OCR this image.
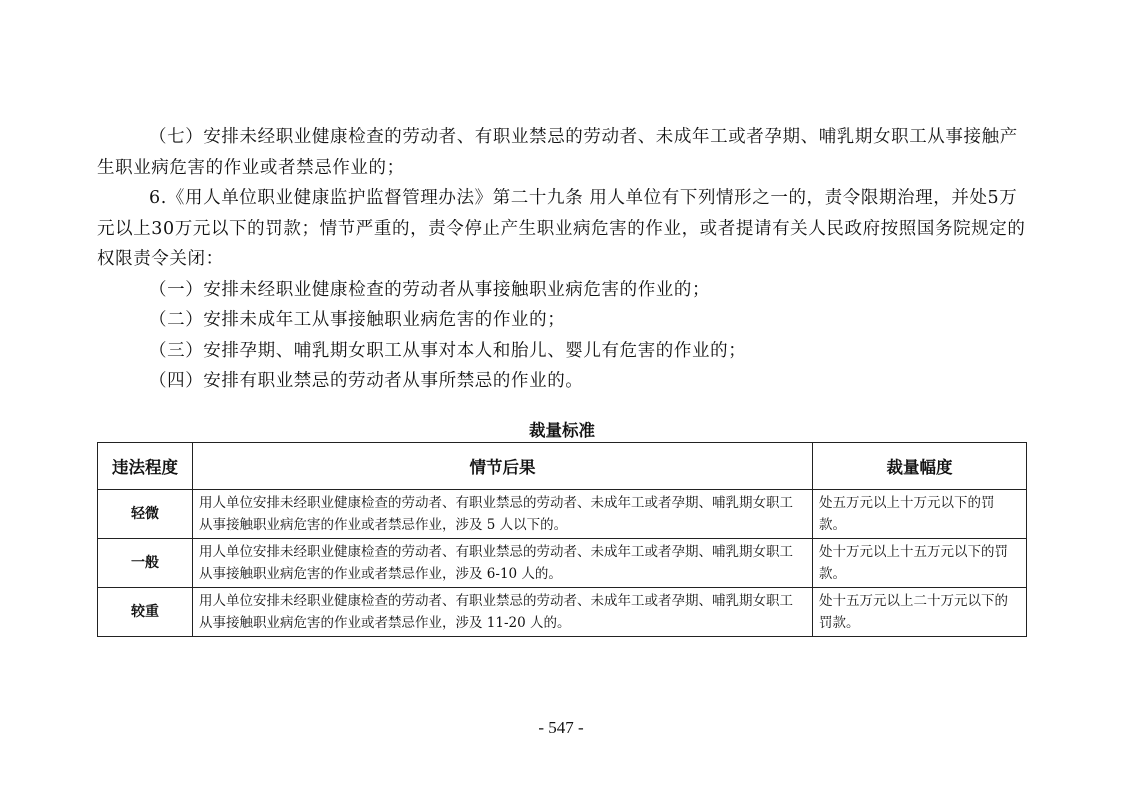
（七）安排未经职业健康检查的劳动者、有职业禁忌的劳动者、未成年工或者孕期、哺乳期女职工从事接触产生职业病危害的作业或者禁忌作业的；

6.《用人单位职业健康监护监督管理办法》第二十九条 用人单位有下列情形之一的，责令限期治理，并处5万元以上30万元以下的罚款；情节严重的，责令停止产生职业病危害的作业，或者提请有关人民政府按照国务院规定的权限责令关闭：

（一）安排未经职业健康检查的劳动者从事接触职业病危害的作业的；

（二）安排未成年工从事接触职业病危害的作业的；

（三）安排孕期、哺乳期女职工从事对本人和胎儿、婴儿有危害的作业的；

（四）安排有职业禁忌的劳动者从事所禁忌的作业的。

裁量标准
违法程度	情节后果	裁量幅度
轻微	用人单位安排未经职业健康检查的劳动者、有职业禁忌的劳动者、未成年工或者孕期、哺乳期女职工从事接触职业病危害的作业或者禁忌作业，涉及 5 人以下的。	处五万元以上十万元以下的罚款。
一般	用人单位安排未经职业健康检查的劳动者、有职业禁忌的劳动者、未成年工或者孕期、哺乳期女职工从事接触职业病危害的作业或者禁忌作业，涉及 6-10 人的。	处十万元以上十五万元以下的罚款。
较重	用人单位安排未经职业健康检查的劳动者、有职业禁忌的劳动者、未成年工或者孕期、哺乳期女职工从事接触职业病危害的作业或者禁忌作业，涉及 11-20 人的。	处十五万元以上二十万元以下的罚款。
- 547 -
